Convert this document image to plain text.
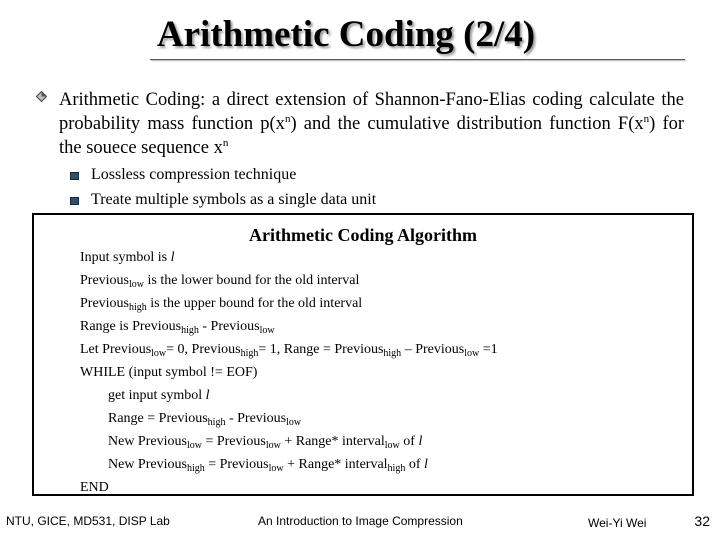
Arithmetic Coding (2/4)
Arithmetic Coding: a direct extension of Shannon-Fano-Elias coding calculate the probability mass function $p(x^n)$ and the cumulative distribution function $F(x^n)$ for the souece sequence $x^n$
Lossless compression technique
Treate multiple symbols as a single data unit
Arithmetic Coding Algorithm
Input symbol is l
Previous$_{low}$ is the lower bound for the old interval
Previous$_{high}$ is the upper bound for the old interval
Range is Previous$_{high}$ - Previous$_{low}$
Let Previous$_{low}$= 0, Previous$_{high}$= 1, Range = Previous$_{high}$ – Previous$_{low}$ =1
WHILE (input symbol != EOF)
get input symbol l
Range = Previous$_{high}$ - Previous$_{low}$
New Previous$_{low}$ = Previous$_{low}$ + Range* interval$_{low}$ of l
New Previous$_{high}$ = Previous$_{low}$ + Range* interval$_{high}$ of l
END
NTU, GICE, MD531, DISP Lab	An Introduction to Image Compression	Wei-Yi Wei	32
